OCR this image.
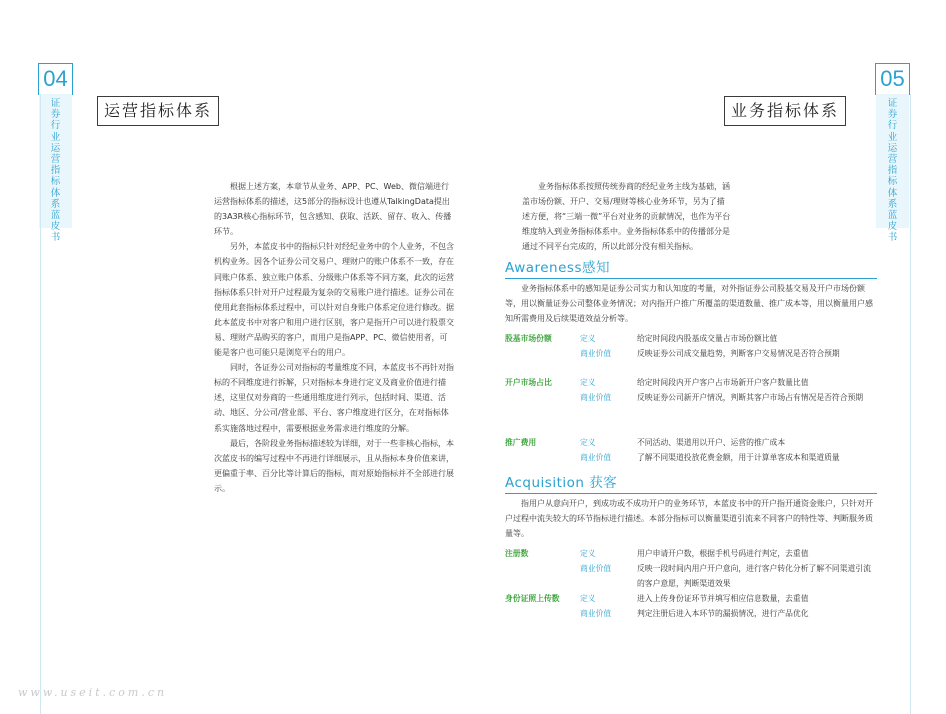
04
证券行业运营指标体系蓝皮书
运营指标体系

根据上述方案，本章节从业务、APP、PC、Web、微信端进行运营指标体系的描述，这5部分的指标设计也遵从TalkingData提出的3A3R核心指标环节，包含感知、获取、活跃、留存、收入、传播环节。

另外，本蓝皮书中的指标只针对经纪业务中的个人业务，不包含机构业务。因各个证券公司交易户、理财户的账户体系不一致，存在同账户体系、独立账户体系、分级账户体系等不同方案，此次的运营指标体系只针对开户过程最为复杂的交易账户进行描述。证券公司在使用此套指标体系过程中，可以针对自身账户体系定位进行修改。据此本蓝皮书中对客户和用户进行区别，客户是指开户可以进行股票交易、理财产品购买的客户，而用户是指APP、PC、微信使用者，可能是客户也可能只是浏览平台的用户。

同时，各证券公司对指标的考量维度不同，本蓝皮书不再针对指标的不同维度进行拆解，只对指标本身进行定义及商业价值进行描述，这里仅对券商的一些通用维度进行列示，包括时间、渠道、活动、地区、分公司/营业部、平台、客户维度进行区分，在对指标体系实施落地过程中，需要根据业务需求进行维度的分解。

最后，各阶段业务指标描述较为详细，对于一些非核心指标，本次蓝皮书的编写过程中不再进行详细展示，且从指标本身价值来讲，更偏重于率、百分比等计算后的指标，而对原始指标并不全部进行展示。

05
证券行业运营指标体系蓝皮书
业务指标体系

业务指标体系按照传统券商的经纪业务主线为基础，涵盖市场份额、开户、交易/理财等核心业务环节，另为了描述方便，将“三端一微”平台对业务的贡献情况，也作为平台维度纳入到业务指标体系中。业务指标体系中的传播部分是通过不同平台完成的，所以此部分没有相关指标。

Awareness感知

业务指标体系中的感知是证券公司实力和认知度的考量，对外指证券公司股基交易及开户市场份额等，用以衡量证券公司整体业务情况；对内指开户推广所覆盖的渠道数量、推广成本等，用以衡量用户感知所需费用及后续渠道效益分析等。

股基市场份额	定义	给定时间段内股基成交量占市场份额比值
商业价值	反映证券公司成交量趋势，判断客户交易情况是否符合预期
开户市场占比	定义	给定时间段内开户客户占市场新开户客户数量比值
商业价值	反映证券公司新开户情况，判断其客户市场占有情况是否符合预期
推广费用	定义	不同活动、渠道用以开户、运营的推广成本
商业价值	了解不同渠道投放花费金额，用于计算单客成本和渠道质量
Acquisition 获客

指用户从意向开户，到成功或不成功开户的业务环节，本蓝皮书中的开户指开通资金账户，只针对开户过程中流失较大的环节指标进行描述。本部分指标可以衡量渠道引流来不同客户的特性等、判断服务质量等。

注册数	定义	用户申请开户数，根据手机号码进行判定，去重值
商业价值	反映一段时间内用户开户意向，进行客户转化分析了解不同渠道引流的客户意愿，判断渠道效果
身份证照上传数	定义	进入上传身份证环节并填写相应信息数量，去重值
商业价值	判定注册后进入本环节的漏损情况，进行产品优化
www.useit.com.cn
